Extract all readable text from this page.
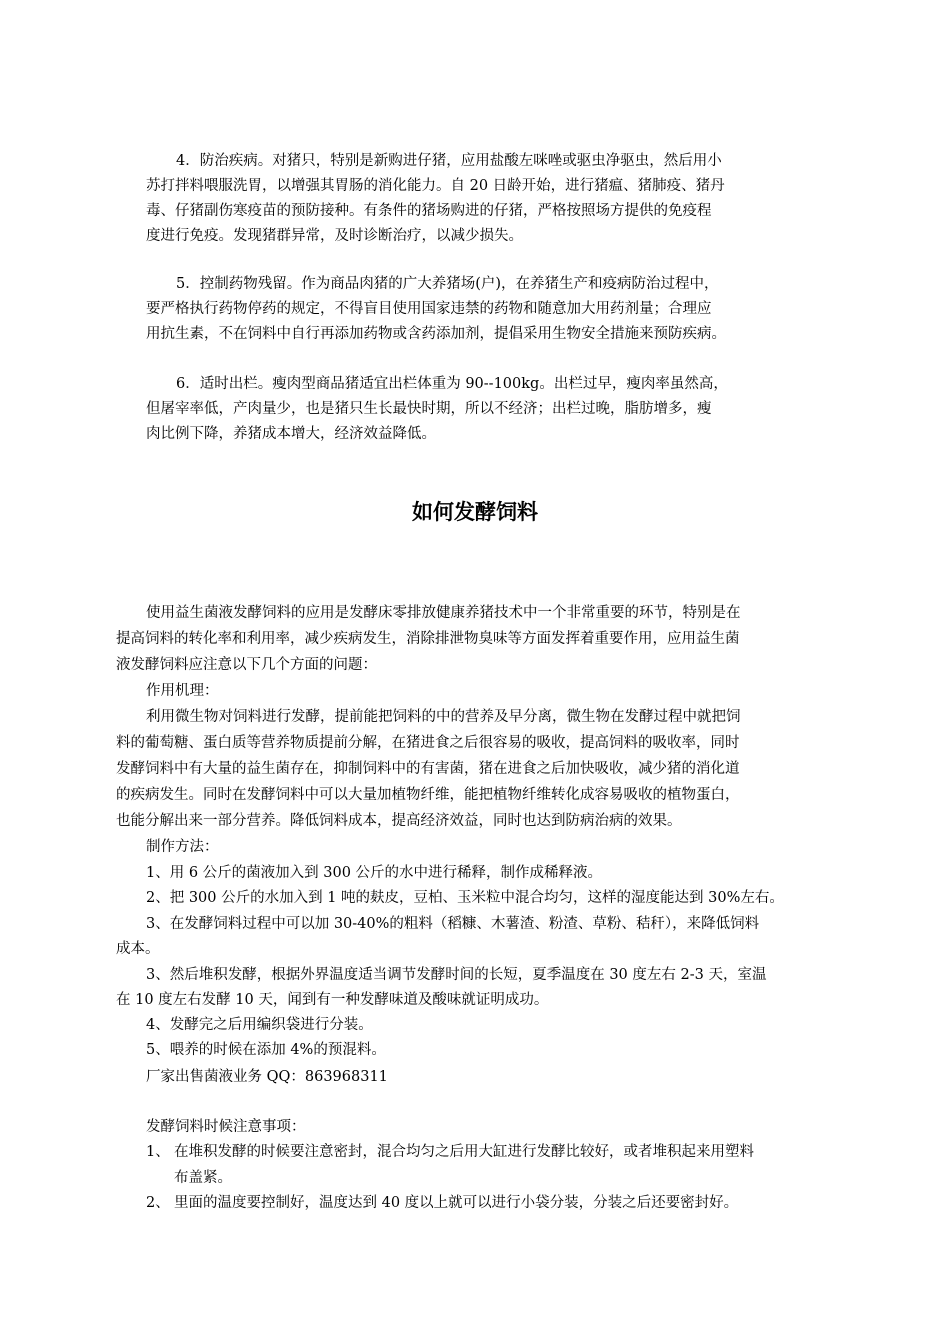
4．防治疾病。对猪只，特别是新购进仔猪，应用盐酸左咪唑或驱虫净驱虫，然后用小

苏打拌料喂服洗胃，以增强其胃肠的消化能力。自 20 日龄开始，进行猪瘟、猪肺疫、猪丹

毒、仔猪副伤寒疫苗的预防接种。有条件的猪场购进的仔猪，严格按照场方提供的免疫程

度进行免疫。发现猪群异常，及时诊断治疗，以减少损失。

5．控制药物残留。作为商品肉猪的广大养猪场(户)，在养猪生产和疫病防治过程中，

要严格执行药物停药的规定，不得盲目使用国家违禁的药物和随意加大用药剂量；合理应

用抗生素，不在饲料中自行再添加药物或含药添加剂，提倡采用生物安全措施来预防疾病。

6．适时出栏。瘦肉型商品猪适宜出栏体重为 90--100kg。出栏过早，瘦肉率虽然高，

但屠宰率低，产肉量少，也是猪只生长最快时期，所以不经济；出栏过晚，脂肪增多，瘦

肉比例下降，养猪成本增大，经济效益降低。

如何发酵饲料

使用益生菌液发酵饲料的应用是发酵床零排放健康养猪技术中一个非常重要的环节，特别是在

提高饲料的转化率和利用率，减少疾病发生，消除排泄物臭味等方面发挥着重要作用，应用益生菌

液发酵饲料应注意以下几个方面的问题：

作用机理：

利用微生物对饲料进行发酵，提前能把饲料的中的营养及早分离，微生物在发酵过程中就把饲

料的葡萄糖、蛋白质等营养物质提前分解，在猪进食之后很容易的吸收，提高饲料的吸收率，同时

发酵饲料中有大量的益生菌存在，抑制饲料中的有害菌，猪在进食之后加快吸收，减少猪的消化道

的疾病发生。同时在发酵饲料中可以大量加植物纤维，能把植物纤维转化成容易吸收的植物蛋白，

也能分解出来一部分营养。降低饲料成本，提高经济效益，同时也达到防病治病的效果。

制作方法：

1、用 6 公斤的菌液加入到 300 公斤的水中进行稀释，制作成稀释液。

2、把 300 公斤的水加入到 1 吨的麸皮，豆柏、玉米粒中混合均匀，这样的湿度能达到 30%左右。

3、在发酵饲料过程中可以加 30-40%的粗料（稻糠、木薯渣、粉渣、草粉、秸秆），来降低饲料

成本。

3、然后堆积发酵，根据外界温度适当调节发酵时间的长短，夏季温度在 30 度左右 2-3 天，室温

在 10 度左右发酵 10 天，闻到有一种发酵味道及酸味就证明成功。

4、发酵完之后用编织袋进行分装。

5、喂养的时候在添加 4%的预混料。

厂家出售菌液业务 QQ：863968311

发酵饲料时候注意事项：

1、 在堆积发酵的时候要注意密封，混合均匀之后用大缸进行发酵比较好，或者堆积起来用塑料

布盖紧。

2、 里面的温度要控制好，温度达到 40 度以上就可以进行小袋分装，分装之后还要密封好。
